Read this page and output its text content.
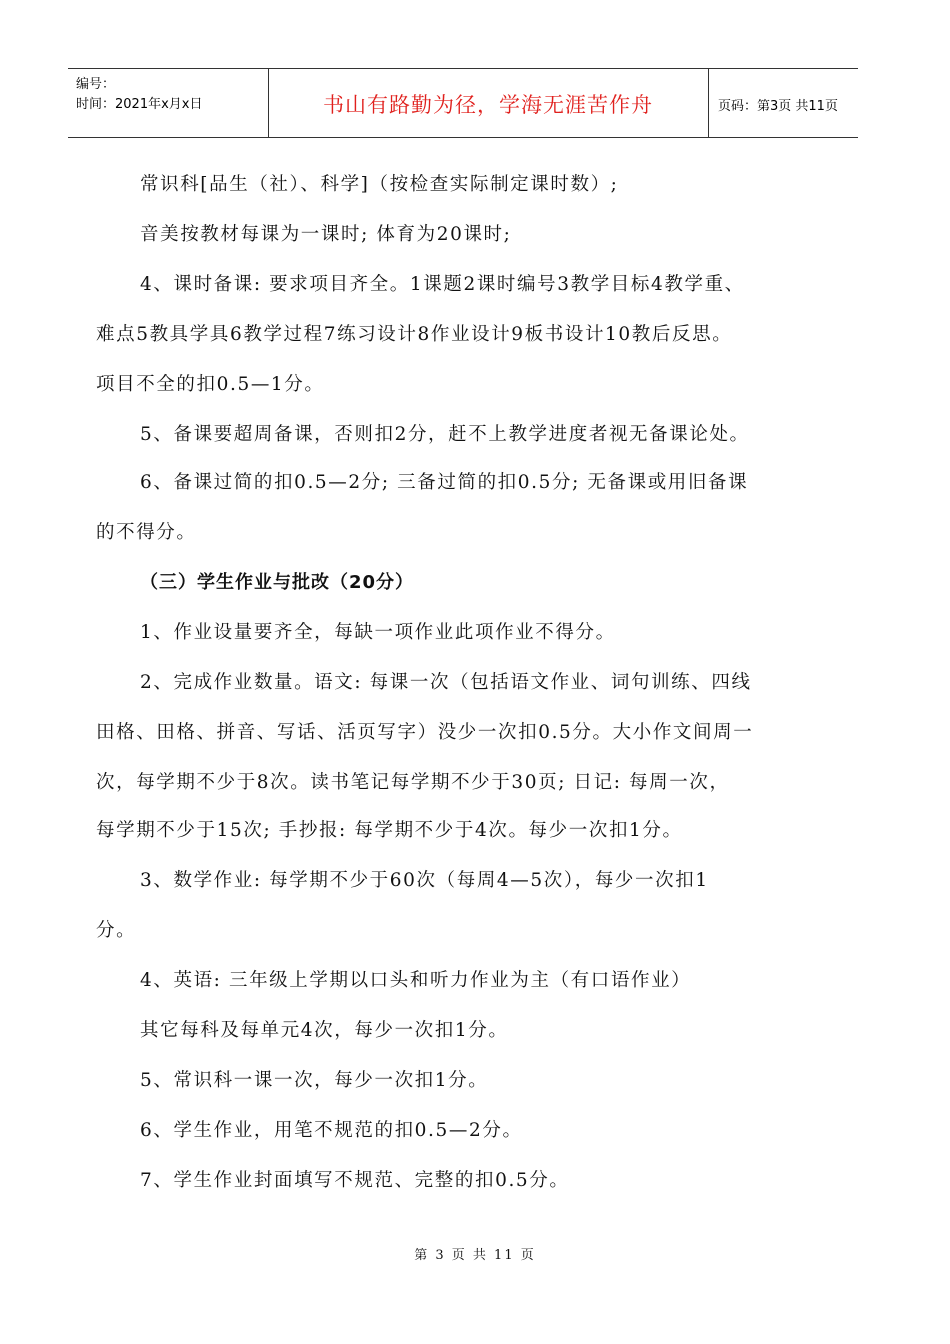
编号：
时间：2021年x月x日	书山有路勤为径，学海无涯苦作舟	页码：第3页 共11页
常识科[品生（社）、科学]（按检查实际制定课时数）;
音美按教材每课为一课时; 体育为20课时;
4、课时备课: 要求项目齐全。1课题2课时编号3教学目标4教学重、
难点5教具学具6教学过程7练习设计8作业设计9板书设计10教后反思。
项目不全的扣0.5—1分。
5、备课要超周备课，否则扣2分，赶不上教学进度者视无备课论处。
6、备课过简的扣0.5—2分; 三备过简的扣0.5分; 无备课或用旧备课
的不得分。
（三）学生作业与批改（20分）
1、作业设量要齐全，每缺一项作业此项作业不得分。
2、完成作业数量。语文: 每课一次（包括语文作业、词句训练、四线
田格、田格、拼音、写话、活页写字）没少一次扣0.5分。大小作文间周一
次，每学期不少于8次。读书笔记每学期不少于30页; 日记: 每周一次，
每学期不少于15次; 手抄报: 每学期不少于4次。每少一次扣1分。
3、数学作业: 每学期不少于60次（每周4—5次），每少一次扣1
分。
4、英语: 三年级上学期以口头和听力作业为主（有口语作业）
其它每科及每单元4次，每少一次扣1分。
5、常识科一课一次，每少一次扣1分。
6、学生作业，用笔不规范的扣0.5—2分。
7、学生作业封面填写不规范、完整的扣0.5分。
第 3 页 共 11 页
